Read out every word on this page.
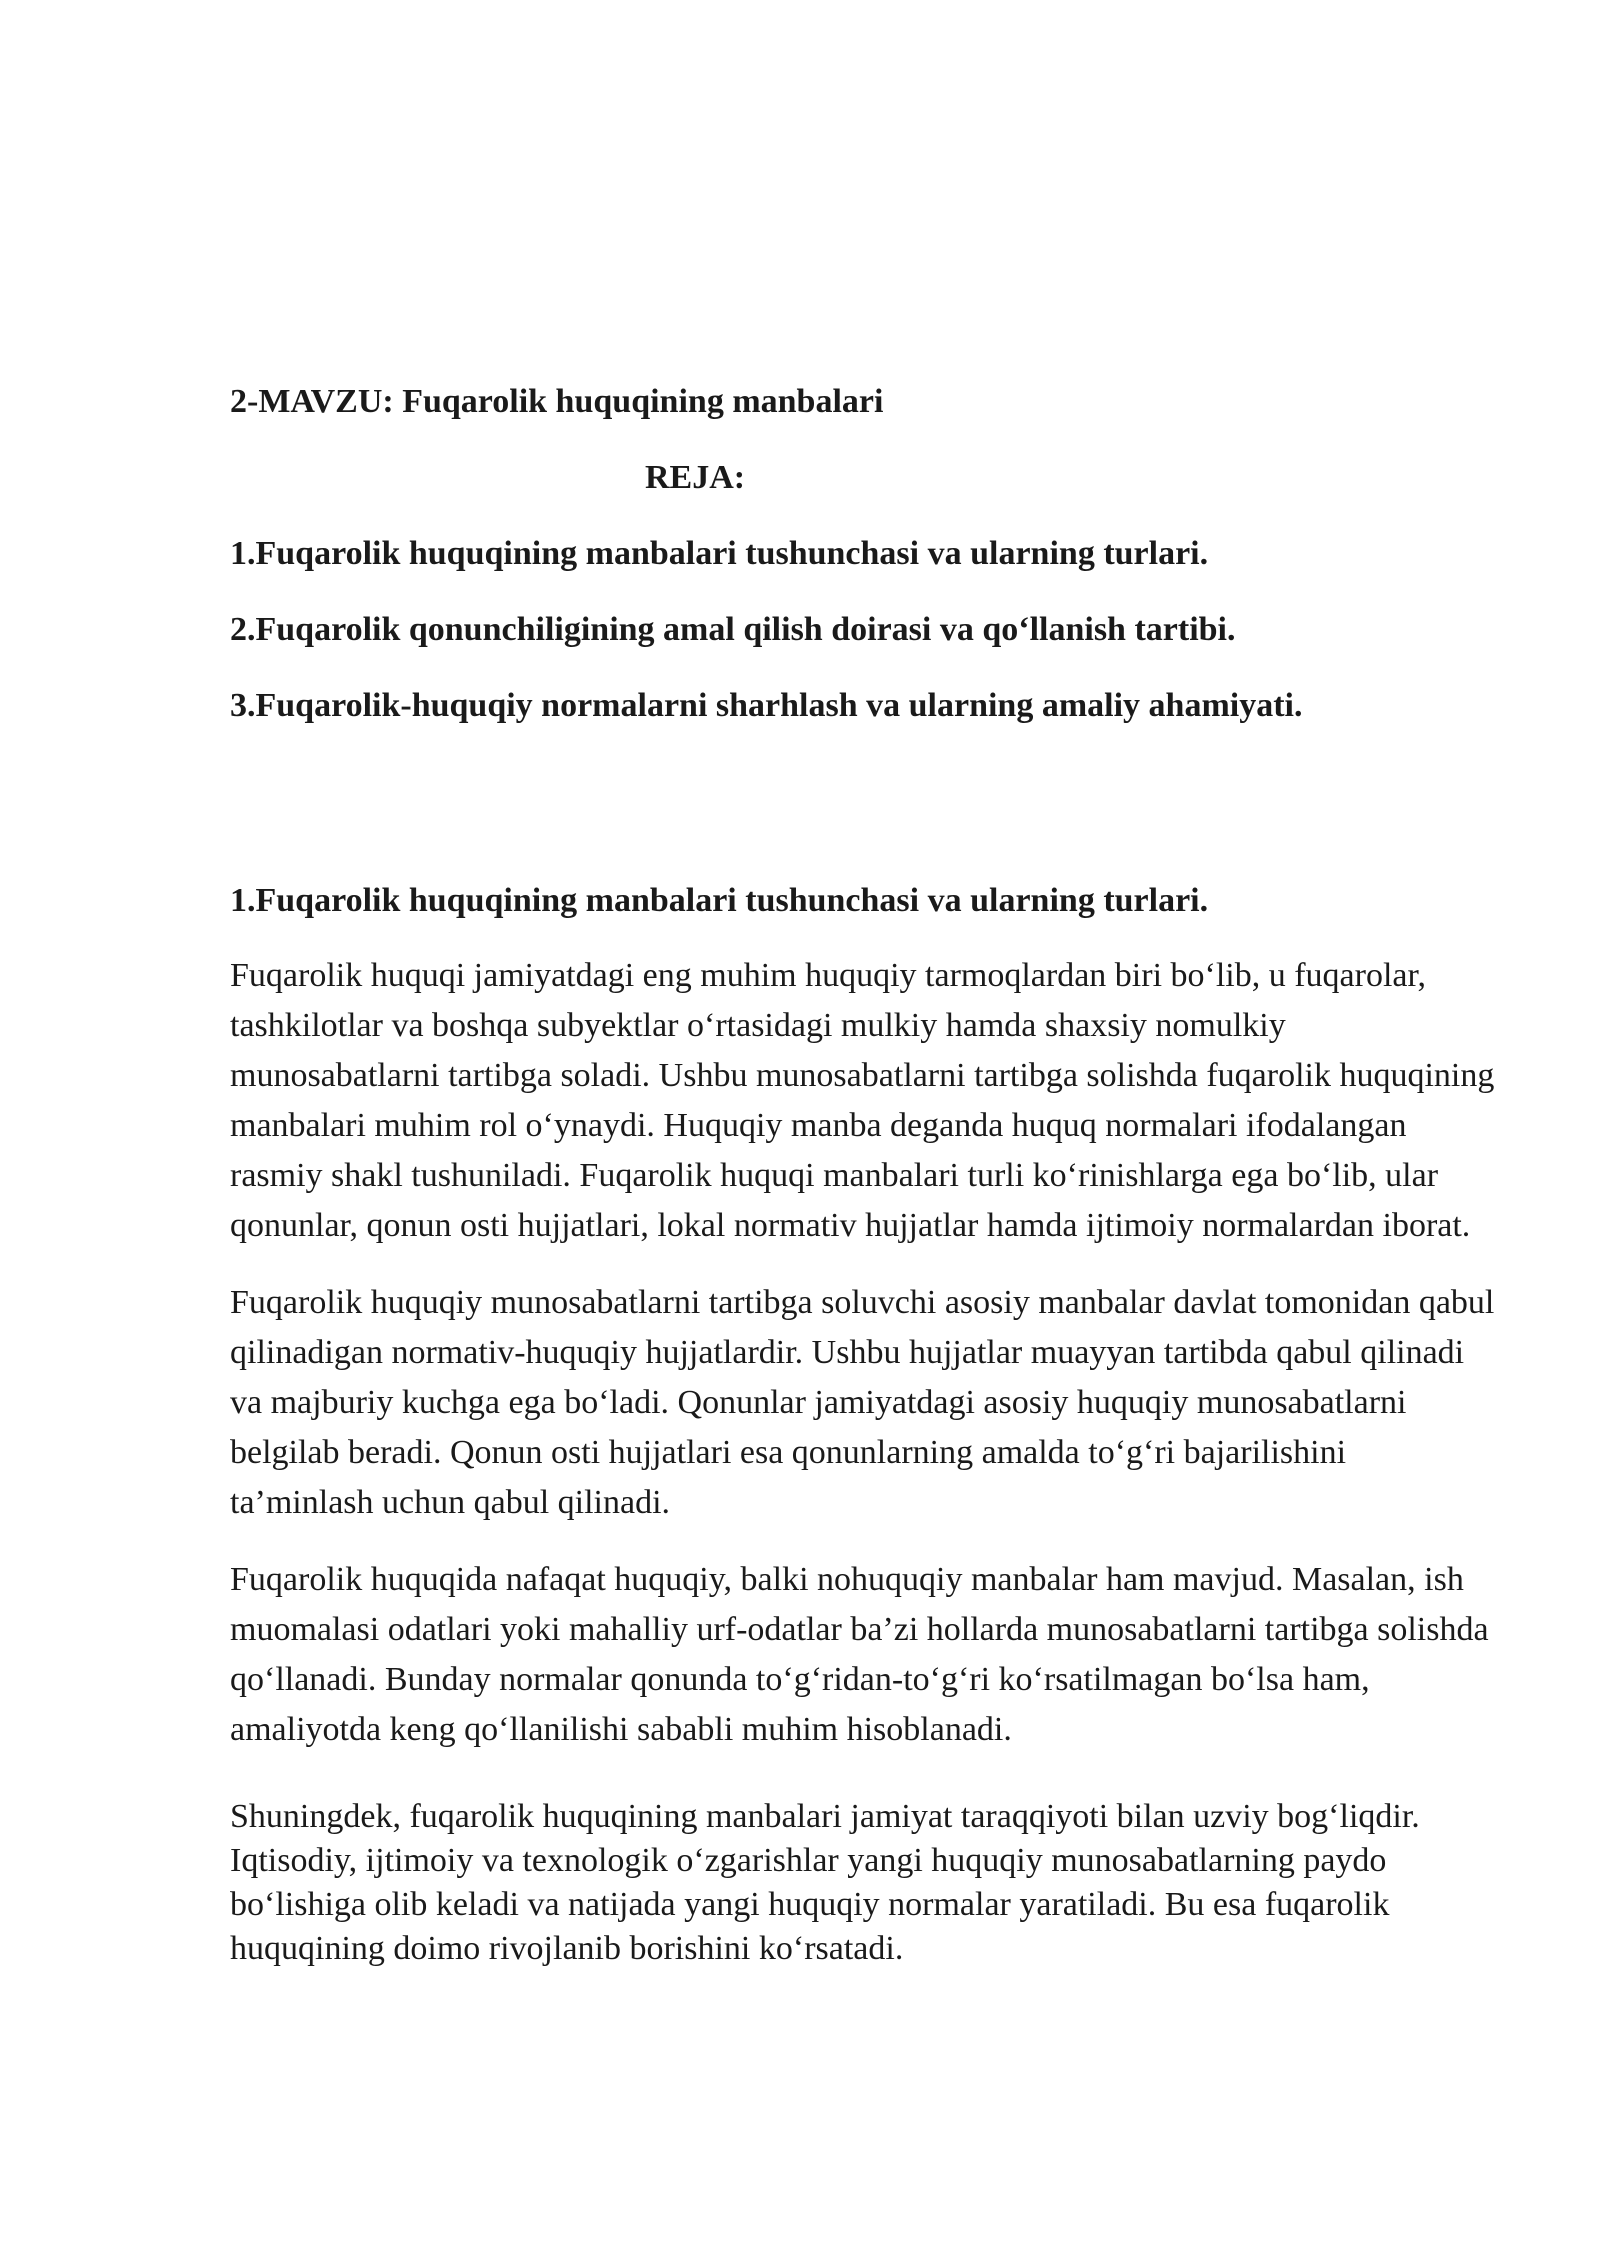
2-MAVZU: Fuqarolik huquqining manbalari

REJA:

1.Fuqarolik huquqining manbalari tushunchasi va ularning turlari.

2.Fuqarolik qonunchiligining amal qilish doirasi va qo‘llanish tartibi.

3.Fuqarolik-huquqiy normalarni sharhlash va ularning amaliy ahamiyati.

1.Fuqarolik huquqining manbalari tushunchasi va ularning turlari.

Fuqarolik huquqi jamiyatdagi eng muhim huquqiy tarmoqlardan biri bo‘lib, u fuqarolar, tashkilotlar va boshqa subyektlar o‘rtasidagi mulkiy hamda shaxsiy nomulkiy munosabatlarni tartibga soladi. Ushbu munosabatlarni tartibga solishda fuqarolik huquqining manbalari muhim rol o‘ynaydi. Huquqiy manba deganda huquq normalari ifodalangan rasmiy shakl tushuniladi. Fuqarolik huquqi manbalari turli ko‘rinishlarga ega bo‘lib, ular qonunlar, qonun osti hujjatlari, lokal normativ hujjatlar hamda ijtimoiy normalardan iborat.

Fuqarolik huquqiy munosabatlarni tartibga soluvchi asosiy manbalar davlat tomonidan qabul qilinadigan normativ-huquqiy hujjatlardir. Ushbu hujjatlar muayyan tartibda qabul qilinadi va majburiy kuchga ega bo‘ladi. Qonunlar jamiyatdagi asosiy huquqiy munosabatlarni belgilab beradi. Qonun osti hujjatlari esa qonunlarning amalda to‘g‘ri bajarilishini ta’minlash uchun qabul qilinadi.

Fuqarolik huquqida nafaqat huquqiy, balki nohuquqiy manbalar ham mavjud. Masalan, ish muomalasi odatlari yoki mahalliy urf-odatlar ba’zi hollarda munosabatlarni tartibga solishda qo‘llanadi. Bunday normalar qonunda to‘g‘ridan-to‘g‘ri ko‘rsatilmagan bo‘lsa ham, amaliyotda keng qo‘llanilishi sababli muhim hisoblanadi.

Shuningdek, fuqarolik huquqining manbalari jamiyat taraqqiyoti bilan uzviy bog‘liqdir. Iqtisodiy, ijtimoiy va texnologik o‘zgarishlar yangi huquqiy munosabatlarning paydo bo‘lishiga olib keladi va natijada yangi huquqiy normalar yaratiladi. Bu esa fuqarolik huquqining doimo rivojlanib borishini ko‘rsatadi.
